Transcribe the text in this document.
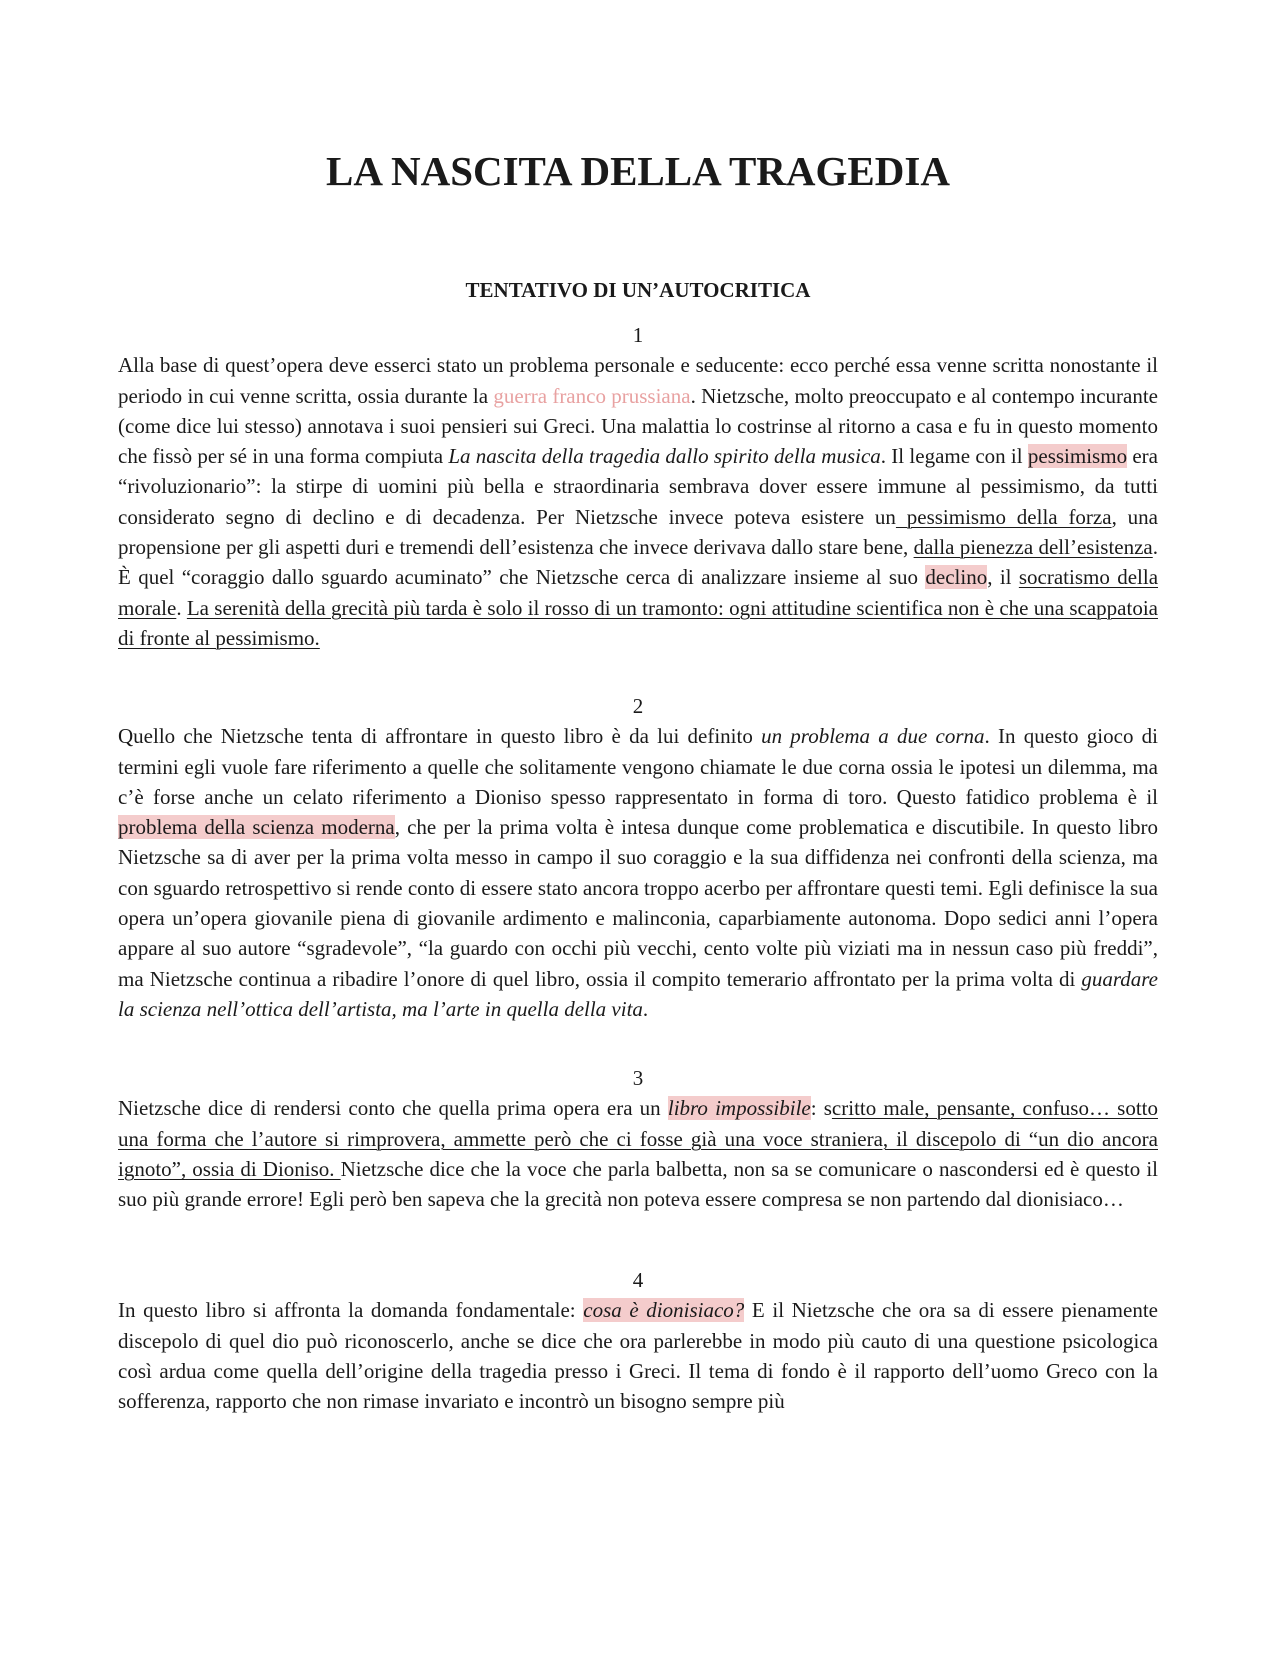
LA NASCITA DELLA TRAGEDIA
TENTATIVO DI UN’AUTOCRITICA
1

Alla base di quest’opera deve esserci stato un problema personale e seducente: ecco perché essa venne scritta nonostante il periodo in cui venne scritta, ossia durante la guerra franco prussiana. Nietzsche, molto preoccupato e al contempo incurante (come dice lui stesso) annotava i suoi pensieri sui Greci. Una malattia lo costrinse al ritorno a casa e fu in questo momento che fissò per sé in una forma compiuta La nascita della tragedia dallo spirito della musica. Il legame con il pessimismo era “rivoluzionario”: la stirpe di uomini più bella e straordinaria sembrava dover essere immune al pessimismo, da tutti considerato segno di declino e di decadenza. Per Nietzsche invece poteva esistere un pessimismo della forza, una propensione per gli aspetti duri e tremendi dell’esistenza che invece derivava dallo stare bene, dalla pienezza dell’esistenza. È quel “coraggio dallo sguardo acuminato” che Nietzsche cerca di analizzare insieme al suo declino, il socratismo della morale. La serenità della grecità più tarda è solo il rosso di un tramonto: ogni attitudine scientifica non è che una scappatoia di fronte al pessimismo.

2

Quello che Nietzsche tenta di affrontare in questo libro è da lui definito un problema a due corna. In questo gioco di termini egli vuole fare riferimento a quelle che solitamente vengono chiamate le due corna ossia le ipotesi un dilemma, ma c’è forse anche un celato riferimento a Dioniso spesso rappresentato in forma di toro. Questo fatidico problema è il problema della scienza moderna, che per la prima volta è intesa dunque come problematica e discutibile. In questo libro Nietzsche sa di aver per la prima volta messo in campo il suo coraggio e la sua diffidenza nei confronti della scienza, ma con sguardo retrospettivo si rende conto di essere stato ancora troppo acerbo per affrontare questi temi. Egli definisce la sua opera un’opera giovanile piena di giovanile ardimento e malinconia, caparbiamente autonoma. Dopo sedici anni l’opera appare al suo autore “sgradevole”, “la guardo con occhi più vecchi, cento volte più viziati ma in nessun caso più freddi”, ma Nietzsche continua a ribadire l’onore di quel libro, ossia il compito temerario affrontato per la prima volta di guardare la scienza nell’ottica dell’artista, ma l’arte in quella della vita.

3

Nietzsche dice di rendersi conto che quella prima opera era un libro impossibile: scritto male, pensante, confuso… sotto una forma che l’autore si rimprovera, ammette però che ci fosse già una voce straniera, il discepolo di “un dio ancora ignoto”, ossia di Dioniso. Nietzsche dice che la voce che parla balbetta, non sa se comunicare o nascondersi ed è questo il suo più grande errore! Egli però ben sapeva che la grecità non poteva essere compresa se non partendo dal dionisiaco…

4

In questo libro si affronta la domanda fondamentale: cosa è dionisiaco? E il Nietzsche che ora sa di essere pienamente discepolo di quel dio può riconoscerlo, anche se dice che ora parlerebbe in modo più cauto di una questione psicologica così ardua come quella dell’origine della tragedia presso i Greci. Il tema di fondo è il rapporto dell’uomo Greco con la sofferenza, rapporto che non rimase invariato e incontrò un bisogno sempre più
